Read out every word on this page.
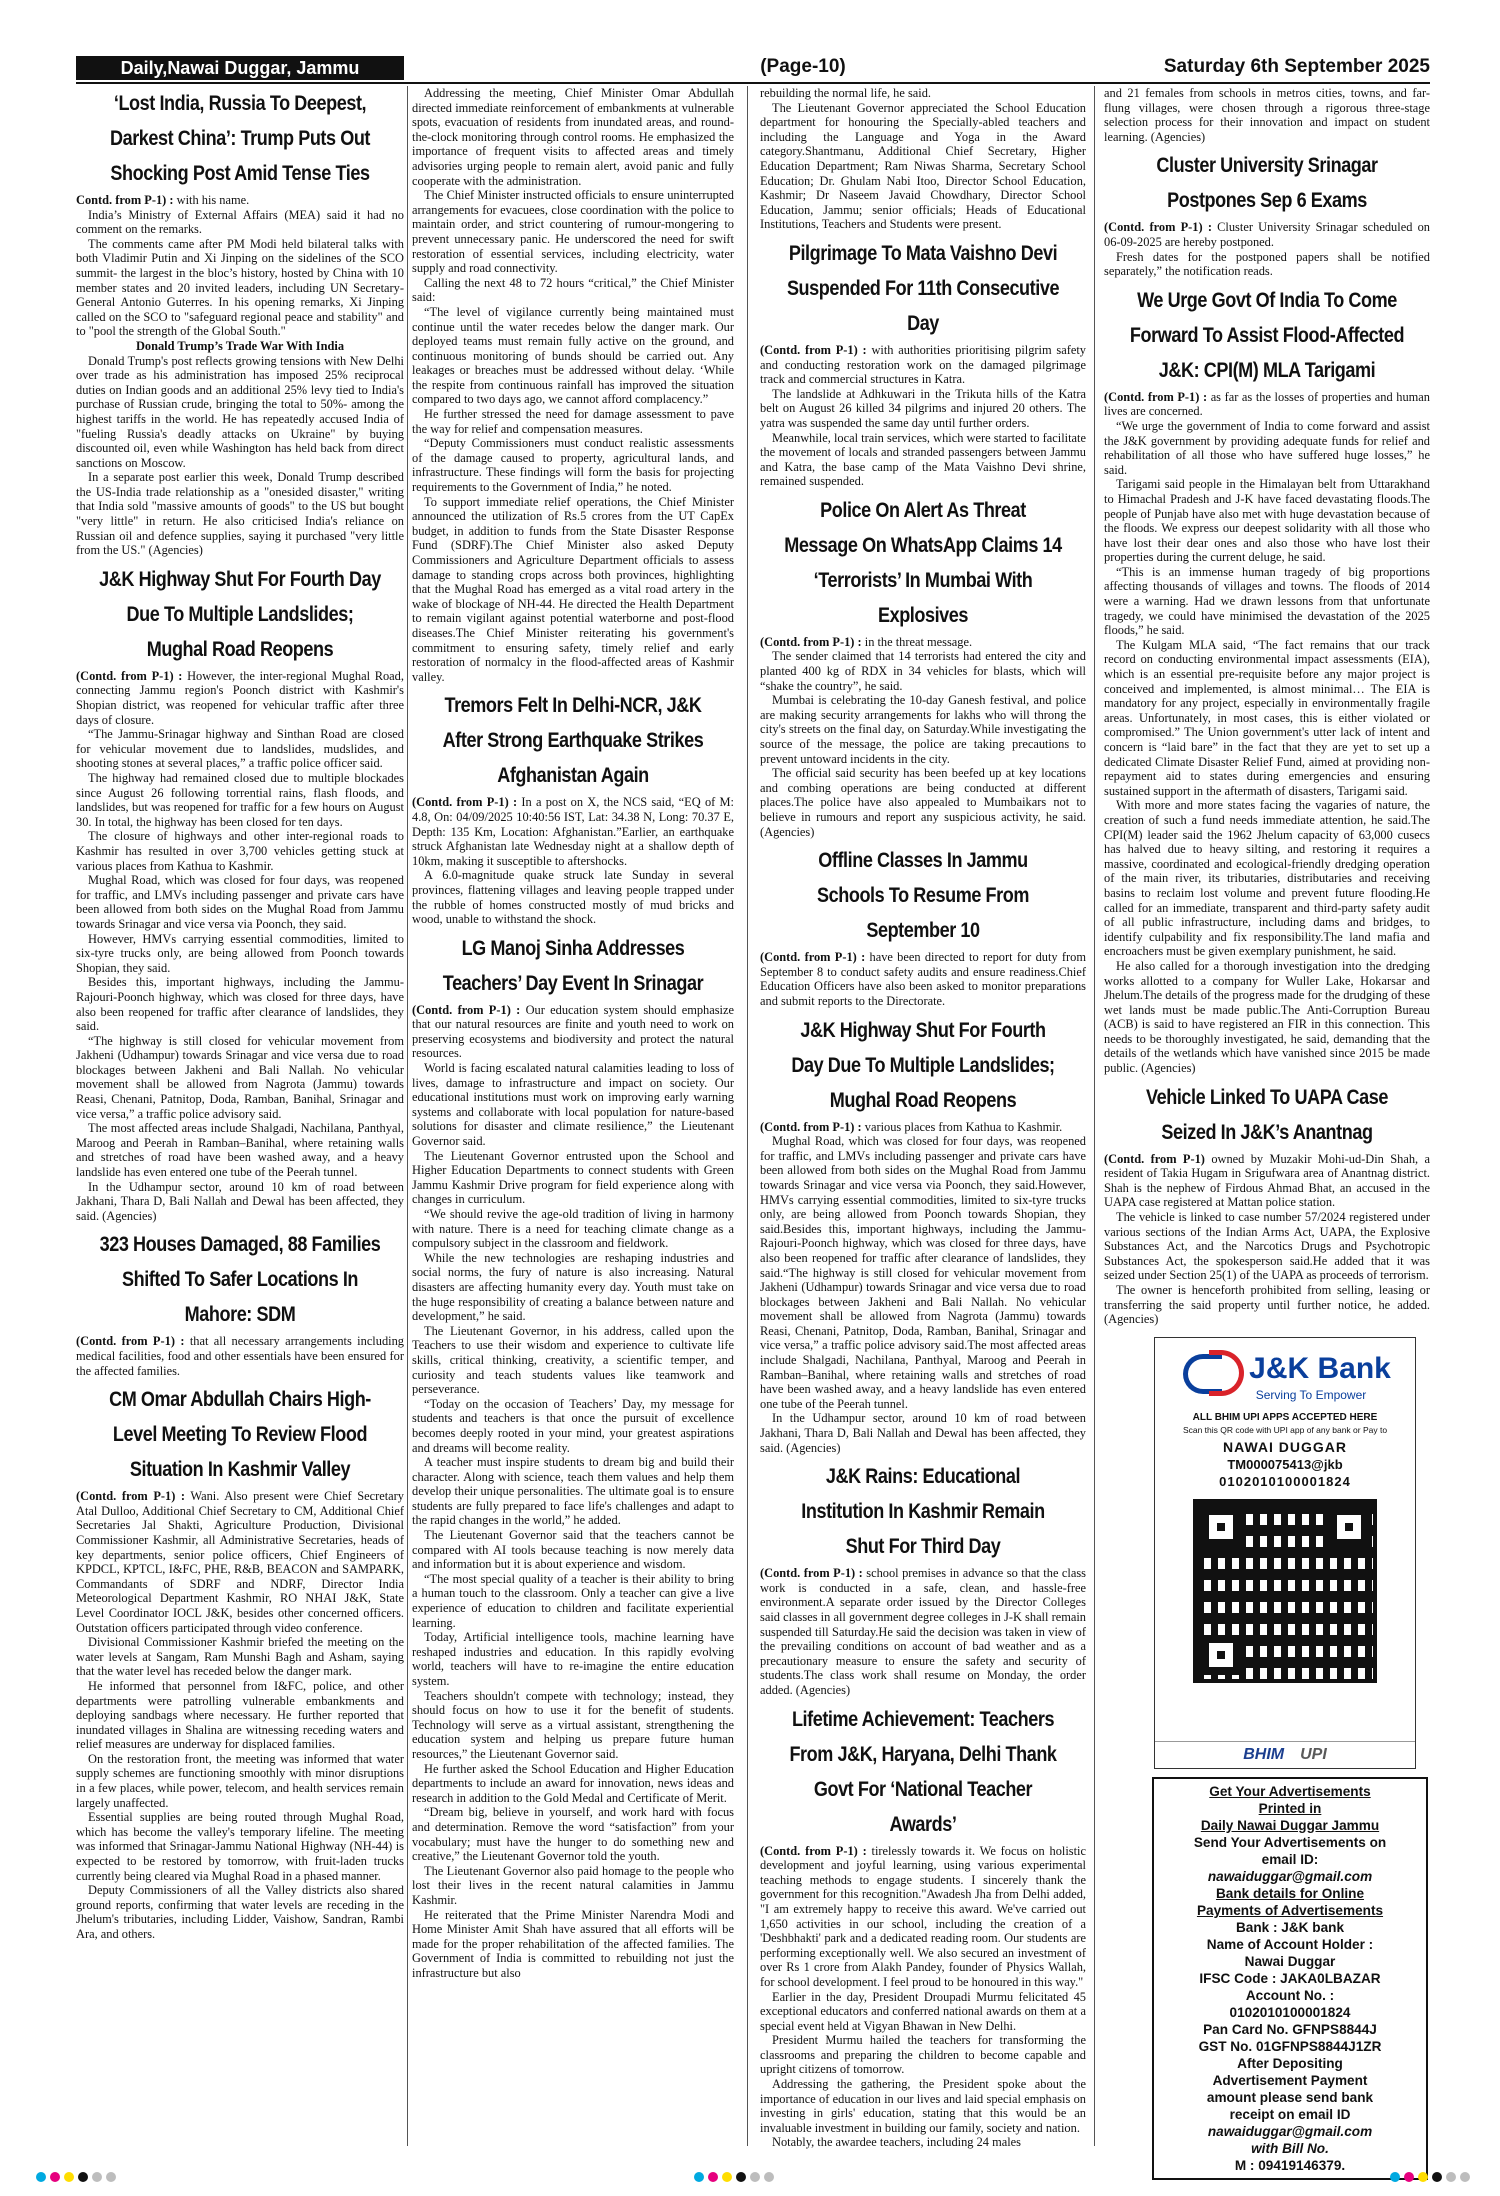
Daily,Nawai Duggar, Jammu	(Page-10)	Saturday 6th September 2025
‘Lost India, Russia To Deepest, Darkest China’: Trump Puts Out Shocking Post Amid Tense Ties

Contd. from P-1) : with his name.

India’s Ministry of External Affairs (MEA) said it had no comment on the remarks.

The comments came after PM Modi held bilateral talks with both Vladimir Putin and Xi Jinping on the sidelines of the SCO summit- the largest in the bloc’s history, hosted by China with 10 member states and 20 invited leaders, including UN Secretary-General Antonio Guterres. In his opening remarks, Xi Jinping called on the SCO to "safeguard regional peace and stability" and to "pool the strength of the Global South."

Donald Trump’s Trade War With India

Donald Trump's post reflects growing tensions with New Delhi over trade as his administration has imposed 25% reciprocal duties on Indian goods and an additional 25% levy tied to India's purchase of Russian crude, bringing the total to 50%- among the highest tariffs in the world. He has repeatedly accused India of "fueling Russia's deadly attacks on Ukraine" by buying discounted oil, even while Washington has held back from direct sanctions on Moscow.

In a separate post earlier this week, Donald Trump described the US-India trade relationship as a "onesided disaster," writing that India sold "massive amounts of goods" to the US but bought "very little" in return. He also criticised India's reliance on Russian oil and defence supplies, saying it purchased "very little from the US." (Agencies)

J&K Highway Shut For Fourth Day Due To Multiple Landslides; Mughal Road Reopens

(Contd. from P-1) : However, the inter-regional Mughal Road, connecting Jammu region's Poonch district with Kashmir's Shopian district, was reopened for vehicular traffic after three days of closure.

“The Jammu-Srinagar highway and Sinthan Road are closed for vehicular movement due to landslides, mudslides, and shooting stones at several places,” a traffic police officer said.

The highway had remained closed due to multiple blockades since August 26 following torrential rains, flash floods, and landslides, but was reopened for traffic for a few hours on August 30. In total, the highway has been closed for ten days.

The closure of highways and other inter-regional roads to Kashmir has resulted in over 3,700 vehicles getting stuck at various places from Kathua to Kashmir.

Mughal Road, which was closed for four days, was reopened for traffic, and LMVs including passenger and private cars have been allowed from both sides on the Mughal Road from Jammu towards Srinagar and vice versa via Poonch, they said.

However, HMVs carrying essential commodities, limited to six-tyre trucks only, are being allowed from Poonch towards Shopian, they said.

Besides this, important highways, including the Jammu-Rajouri-Poonch highway, which was closed for three days, have also been reopened for traffic after clearance of landslides, they said.

“The highway is still closed for vehicular movement from Jakheni (Udhampur) towards Srinagar and vice versa due to road blockages between Jakheni and Bali Nallah. No vehicular movement shall be allowed from Nagrota (Jammu) towards Reasi, Chenani, Patnitop, Doda, Ramban, Banihal, Srinagar and vice versa,” a traffic police advisory said.

The most affected areas include Shalgadi, Nachilana, Panthyal, Maroog and Peerah in Ramban–Banihal, where retaining walls and stretches of road have been washed away, and a heavy landslide has even entered one tube of the Peerah tunnel.

In the Udhampur sector, around 10 km of road between Jakhani, Thara D, Bali Nallah and Dewal has been affected, they said. (Agencies)

323 Houses Damaged, 88 Families Shifted To Safer Locations In Mahore: SDM

(Contd. from P-1) : that all necessary arrangements including medical facilities, food and other essentials have been ensured for the affected families.

CM Omar Abdullah Chairs High-Level Meeting To Review Flood Situation In Kashmir Valley

(Contd. from P-1) : Wani. Also present were Chief Secretary Atal Dulloo, Additional Chief Secretary to CM, Additional Chief Secretaries Jal Shakti, Agriculture Production, Divisional Commissioner Kashmir, all Administrative Secretaries, heads of key departments, senior police officers, Chief Engineers of KPDCL, KPTCL, I&FC, PHE, R&B, BEACON and SAMPARK, Commandants of SDRF and NDRF, Director India Meteorological Department Kashmir, RO NHAI J&K, State Level Coordinator IOCL J&K, besides other concerned officers. Outstation officers participated through video conference.

Divisional Commissioner Kashmir briefed the meeting on the water levels at Sangam, Ram Munshi Bagh and Asham, saying that the water level has receded below the danger mark.

He informed that personnel from I&FC, police, and other departments were patrolling vulnerable embankments and deploying sandbags where necessary. He further reported that inundated villages in Shalina are witnessing receding waters and relief measures are underway for displaced families.

On the restoration front, the meeting was informed that water supply schemes are functioning smoothly with minor disruptions in a few places, while power, telecom, and health services remain largely unaffected.

Essential supplies are being routed through Mughal Road, which has become the valley's temporary lifeline. The meeting was informed that Srinagar-Jammu National Highway (NH-44) is expected to be restored by tomorrow, with fruit-laden trucks currently being cleared via Mughal Road in a phased manner.

Deputy Commissioners of all the Valley districts also shared ground reports, confirming that water levels are receding in the Jhelum's tributaries, including Lidder, Vaishow, Sandran, Rambi Ara, and others.

Addressing the meeting, Chief Minister Omar Abdullah directed immediate reinforcement of embankments at vulnerable spots, evacuation of residents from inundated areas, and round-the-clock monitoring through control rooms. He emphasized the importance of frequent visits to affected areas and timely advisories urging people to remain alert, avoid panic and fully cooperate with the administration.

The Chief Minister instructed officials to ensure uninterrupted arrangements for evacuees, close coordination with the police to maintain order, and strict countering of rumour-mongering to prevent unnecessary panic. He underscored the need for swift restoration of essential services, including electricity, water supply and road connectivity.

Calling the next 48 to 72 hours “critical,” the Chief Minister said:

“The level of vigilance currently being maintained must continue until the water recedes below the danger mark. Our deployed teams must remain fully active on the ground, and continuous monitoring of bunds should be carried out. Any leakages or breaches must be addressed without delay. ‘While the respite from continuous rainfall has improved the situation compared to two days ago, we cannot afford complacency.”

He further stressed the need for damage assessment to pave the way for relief and compensation measures.

“Deputy Commissioners must conduct realistic assessments of the damage caused to property, agricultural lands, and infrastructure. These findings will form the basis for projecting requirements to the Government of India,” he noted.

To support immediate relief operations, the Chief Minister announced the utilization of Rs.5 crores from the UT CapEx budget, in addition to funds from the State Disaster Response Fund (SDRF).The Chief Minister also asked Deputy Commissioners and Agriculture Department officials to assess damage to standing crops across both provinces, highlighting that the Mughal Road has emerged as a vital road artery in the wake of blockage of NH-44. He directed the Health Department to remain vigilant against potential waterborne and post-flood diseases.The Chief Minister reiterating his government's commitment to ensuring safety, timely relief and early restoration of normalcy in the flood-affected areas of Kashmir valley.

Tremors Felt In Delhi-NCR, J&K After Strong Earthquake Strikes Afghanistan Again

(Contd. from P-1) : In a post on X, the NCS said, “EQ of M: 4.8, On: 04/09/2025 10:40:56 IST, Lat: 34.38 N, Long: 70.37 E, Depth: 135 Km, Location: Afghanistan.”Earlier, an earthquake struck Afghanistan late Wednesday night at a shallow depth of 10km, making it susceptible to aftershocks.

A 6.0-magnitude quake struck late Sunday in several provinces, flattening villages and leaving people trapped under the rubble of homes constructed mostly of mud bricks and wood, unable to withstand the shock.

LG Manoj Sinha Addresses Teachers’ Day Event In Srinagar

(Contd. from P-1) : Our education system should emphasize that our natural resources are finite and youth need to work on preserving ecosystems and biodiversity and protect the natural resources.

World is facing escalated natural calamities leading to loss of lives, damage to infrastructure and impact on society. Our educational institutions must work on improving early warning systems and collaborate with local population for nature-based solutions for disaster and climate resilience,” the Lieutenant Governor said.

The Lieutenant Governor entrusted upon the School and Higher Education Departments to connect students with Green Jammu Kashmir Drive program for field experience along with changes in curriculum.

“We should revive the age-old tradition of living in harmony with nature. There is a need for teaching climate change as a compulsory subject in the classroom and fieldwork.

While the new technologies are reshaping industries and social norms, the fury of nature is also increasing. Natural disasters are affecting humanity every day. Youth must take on the huge responsibility of creating a balance between nature and development,” he said.

The Lieutenant Governor, in his address, called upon the Teachers to use their wisdom and experience to cultivate life skills, critical thinking, creativity, a scientific temper, and curiosity and teach students values like teamwork and perseverance.

“Today on the occasion of Teachers’ Day, my message for students and teachers is that once the pursuit of excellence becomes deeply rooted in your mind, your greatest aspirations and dreams will become reality.

A teacher must inspire students to dream big and build their character. Along with science, teach them values and help them develop their unique personalities. The ultimate goal is to ensure students are fully prepared to face life's challenges and adapt to the rapid changes in the world,” he added.

The Lieutenant Governor said that the teachers cannot be compared with AI tools because teaching is now merely data and information but it is about experience and wisdom.

“The most special quality of a teacher is their ability to bring a human touch to the classroom. Only a teacher can give a live experience of education to children and facilitate experiential learning.

Today, Artificial intelligence tools, machine learning have reshaped industries and education. In this rapidly evolving world, teachers will have to re-imagine the entire education system.

Teachers shouldn't compete with technology; instead, they should focus on how to use it for the benefit of students. Technology will serve as a virtual assistant, strengthening the education system and helping us prepare future human resources,” the Lieutenant Governor said.

He further asked the School Education and Higher Education departments to include an award for innovation, news ideas and research in addition to the Gold Medal and Certificate of Merit.

“Dream big, believe in yourself, and work hard with focus and determination. Remove the word “satisfaction” from your vocabulary; must have the hunger to do something new and creative,” the Lieutenant Governor told the youth.

The Lieutenant Governor also paid homage to the people who lost their lives in the recent natural calamities in Jammu Kashmir.

He reiterated that the Prime Minister Narendra Modi and Home Minister Amit Shah have assured that all efforts will be made for the proper rehabilitation of the affected families. The Government of India is committed to rebuilding not just the infrastructure but also

rebuilding the normal life, he said.

The Lieutenant Governor appreciated the School Education department for honouring the Specially-abled teachers and including the Language and Yoga in the Award category.Shantmanu, Additional Chief Secretary, Higher Education Department; Ram Niwas Sharma, Secretary School Education; Dr. Ghulam Nabi Itoo, Director School Education, Kashmir; Dr Naseem Javaid Chowdhary, Director School Education, Jammu; senior officials; Heads of Educational Institutions, Teachers and Students were present.

Pilgrimage To Mata Vaishno Devi Suspended For 11th Consecutive Day

(Contd. from P-1) : with authorities prioritising pilgrim safety and conducting restoration work on the damaged pilgrimage track and commercial structures in Katra.

The landslide at Adhkuwari in the Trikuta hills of the Katra belt on August 26 killed 34 pilgrims and injured 20 others. The yatra was suspended the same day until further orders.

Meanwhile, local train services, which were started to facilitate the movement of locals and stranded passengers between Jammu and Katra, the base camp of the Mata Vaishno Devi shrine, remained suspended.

Police On Alert As Threat Message On WhatsApp Claims 14 ‘Terrorists’ In Mumbai With Explosives

(Contd. from P-1) : in the threat message.

The sender claimed that 14 terrorists had entered the city and planted 400 kg of RDX in 34 vehicles for blasts, which will “shake the country”, he said.

Mumbai is celebrating the 10-day Ganesh festival, and police are making security arrangements for lakhs who will throng the city's streets on the final day, on Saturday.While investigating the source of the message, the police are taking precautions to prevent untoward incidents in the city.

The official said security has been beefed up at key locations and combing operations are being conducted at different places.The police have also appealed to Mumbaikars not to believe in rumours and report any suspicious activity, he said. (Agencies)

Offline Classes In Jammu Schools To Resume From September 10

(Contd. from P-1) : have been directed to report for duty from September 8 to conduct safety audits and ensure readiness.Chief Education Officers have also been asked to monitor preparations and submit reports to the Directorate.

J&K Highway Shut For Fourth Day Due To Multiple Landslides; Mughal Road Reopens

(Contd. from P-1) : various places from Kathua to Kashmir.

Mughal Road, which was closed for four days, was reopened for traffic, and LMVs including passenger and private cars have been allowed from both sides on the Mughal Road from Jammu towards Srinagar and vice versa via Poonch, they said.However, HMVs carrying essential commodities, limited to six-tyre trucks only, are being allowed from Poonch towards Shopian, they said.Besides this, important highways, including the Jammu-Rajouri-Poonch highway, which was closed for three days, have also been reopened for traffic after clearance of landslides, they said.“The highway is still closed for vehicular movement from Jakheni (Udhampur) towards Srinagar and vice versa due to road blockages between Jakheni and Bali Nallah. No vehicular movement shall be allowed from Nagrota (Jammu) towards Reasi, Chenani, Patnitop, Doda, Ramban, Banihal, Srinagar and vice versa,” a traffic police advisory said.The most affected areas include Shalgadi, Nachilana, Panthyal, Maroog and Peerah in Ramban–Banihal, where retaining walls and stretches of road have been washed away, and a heavy landslide has even entered one tube of the Peerah tunnel.

In the Udhampur sector, around 10 km of road between Jakhani, Thara D, Bali Nallah and Dewal has been affected, they said. (Agencies)

J&K Rains: Educational Institution In Kashmir Remain Shut For Third Day

(Contd. from P-1) : school premises in advance so that the class work is conducted in a safe, clean, and hassle-free environment.A separate order issued by the Director Colleges said classes in all government degree colleges in J-K shall remain suspended till Saturday.He said the decision was taken in view of the prevailing conditions on account of bad weather and as a precautionary measure to ensure the safety and security of students.The class work shall resume on Monday, the order added. (Agencies)

Lifetime Achievement: Teachers From J&K, Haryana, Delhi Thank Govt For ‘National Teacher Awards’

(Contd. from P-1) : tirelessly towards it. We focus on holistic development and joyful learning, using various experimental teaching methods to engage students. I sincerely thank the government for this recognition."Awadesh Jha from Delhi added, "I am extremely happy to receive this award. We've carried out 1,650 activities in our school, including the creation of a 'Deshbhakti' park and a dedicated reading room. Our students are performing exceptionally well. We also secured an investment of over Rs 1 crore from Alakh Pandey, founder of Physics Wallah, for school development. I feel proud to be honoured in this way."

Earlier in the day, President Droupadi Murmu felicitated 45 exceptional educators and conferred national awards on them at a special event held at Vigyan Bhawan in New Delhi.

President Murmu hailed the teachers for transforming the classrooms and preparing the children to become capable and upright citizens of tomorrow.

Addressing the gathering, the President spoke about the importance of education in our lives and laid special emphasis on investing in girls' education, stating that this would be an invaluable investment in building our family, society and nation.

Notably, the awardee teachers, including 24 males

and 21 females from schools in metros cities, towns, and far-flung villages, were chosen through a rigorous three-stage selection process for their innovation and impact on student learning. (Agencies)

Cluster University Srinagar Postpones Sep 6 Exams

(Contd. from P-1) : Cluster University Srinagar scheduled on 06-09-2025 are hereby postponed.

Fresh dates for the postponed papers shall be notified separately,” the notification reads.

We Urge Govt Of India To Come Forward To Assist Flood-Affected J&K: CPI(M) MLA Tarigami

(Contd. from P-1) : as far as the losses of properties and human lives are concerned.

“We urge the government of India to come forward and assist the J&K government by providing adequate funds for relief and rehabilitation of all those who have suffered huge losses,” he said.

Tarigami said people in the Himalayan belt from Uttarakhand to Himachal Pradesh and J-K have faced devastating floods.The people of Punjab have also met with huge devastation because of the floods. We express our deepest solidarity with all those who have lost their dear ones and also those who have lost their properties during the current deluge, he said.

“This is an immense human tragedy of big proportions affecting thousands of villages and towns. The floods of 2014 were a warning. Had we drawn lessons from that unfortunate tragedy, we could have minimised the devastation of the 2025 floods,” he said.

The Kulgam MLA said, “The fact remains that our track record on conducting environmental impact assessments (EIA), which is an essential pre-requisite before any major project is conceived and implemented, is almost minimal… The EIA is mandatory for any project, especially in environmentally fragile areas. Unfortunately, in most cases, this is either violated or compromised.” The Union government's utter lack of intent and concern is “laid bare” in the fact that they are yet to set up a dedicated Climate Disaster Relief Fund, aimed at providing non-repayment aid to states during emergencies and ensuring sustained support in the aftermath of disasters, Tarigami said.

With more and more states facing the vagaries of nature, the creation of such a fund needs immediate attention, he said.The CPI(M) leader said the 1962 Jhelum capacity of 63,000 cusecs has halved due to heavy silting, and restoring it requires a massive, coordinated and ecological-friendly dredging operation of the main river, its tributaries, distributaries and receiving basins to reclaim lost volume and prevent future flooding.He called for an immediate, transparent and third-party safety audit of all public infrastructure, including dams and bridges, to identify culpability and fix responsibility.The land mafia and encroachers must be given exemplary punishment, he said.

He also called for a thorough investigation into the dredging works allotted to a company for Wuller Lake, Hokarsar and Jhelum.The details of the progress made for the drudging of these wet lands must be made public.The Anti-Corruption Bureau (ACB) is said to have registered an FIR in this connection. This needs to be thoroughly investigated, he said, demanding that the details of the wetlands which have vanished since 2015 be made public. (Agencies)

Vehicle Linked To UAPA Case Seized In J&K’s Anantnag

(Contd. from P-1) owned by Muzakir Mohi-ud-Din Shah, a resident of Takia Hugam in Srigufwara area of Anantnag district. Shah is the nephew of Firdous Ahmad Bhat, an accused in the UAPA case registered at Mattan police station.

The vehicle is linked to case number 57/2024 registered under various sections of the Indian Arms Act, UAPA, the Explosive Substances Act, and the Narcotics Drugs and Psychotropic Substances Act, the spokesperson said.He added that it was seized under Section 25(1) of the UAPA as proceeds of terrorism.

The owner is henceforth prohibited from selling, leasing or transferring the said property until further notice, he added. (Agencies)

J&K Bank
Serving To Empower
ALL BHIM UPI APPS ACCEPTED HERE
Scan this QR code with UPI app of any bank or Pay to
NAWAI DUGGAR
TM000075413@jkb
0102010100001824
BHIM UPI
Get Your Advertisements
Printed in
Daily Nawai Duggar Jammu
Send Your Advertisements on
email ID:
nawaiduggar@gmail.com
Bank details for Online
Payments of Advertisements
Bank : J&K bank
Name of Account Holder :
Nawai Duggar
IFSC Code : JAKA0LBAZAR
Account No. :
0102010100001824
Pan Card No. GFNPS8844J
GST No. 01GFNPS8844J1ZR
After Depositing
Advertisement Payment
amount please send bank
receipt on email ID
nawaiduggar@gmail.com
with Bill No.
M : 09419146379.
